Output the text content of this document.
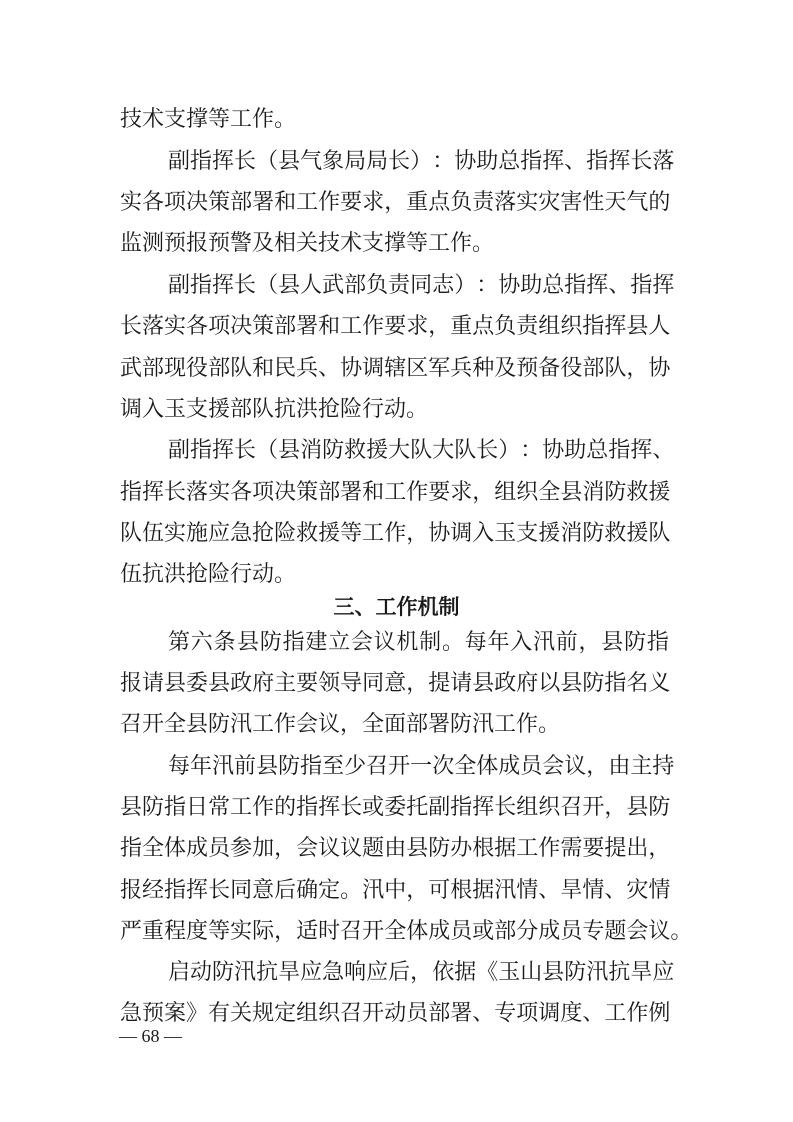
技术支撑等工作。
副 指 挥 长 （ 县 气 象 局 局 长 ） ： 协 助 总 指 挥 、 指 挥 长 落
实 各 项 决 策 部 署 和 工 作 要 求 ， 重 点 负 责 落 实 灾 害 性 天 气 的
监测预报预警及相关技术支撑等工作。
副 指 挥 长 （ 县 人 武 部 负 责 同 志 ） ： 协 助 总 指 挥 、 指 挥
长 落 实 各 项 决 策 部 署 和 工 作 要 求 ， 重 点 负 责 组 织 指 挥 县 人
武 部 现 役 部 队 和 民 兵 、 协 调 辖 区 军 兵 种 及 预 备 役 部 队 ， 协
调入玉支援部队抗洪抢险行动。
副 指 挥 长 （ 县 消 防 救 援 大 队 大 队 长 ） ： 协 助 总 指 挥 、
指 挥 长 落 实 各 项 决 策 部 署 和 工 作 要 求 ， 组 织 全 县 消 防 救 援
队 伍 实 施 应 急 抢 险 救 援 等 工 作 ， 协 调 入 玉 支 援 消 防 救 援 队
伍抗洪抢险行动。
三、工作机制
第 六 条 县 防 指 建 立 会 议 机 制 。 每 年 入 汛 前 ， 县 防 指
报 请 县 委 县 政 府 主 要 领 导 同 意 ， 提 请 县 政 府 以 县 防 指 名 义
召开全县防汛工作会议，全面部署防汛工作。
每 年 汛 前 县 防 指 至 少 召 开 一 次 全 体 成 员 会 议 ， 由 主 持
县 防 指 日 常 工 作 的 指 挥 长 或 委 托 副 指 挥 长 组 织 召 开 ， 县 防
指 全 体 成 员 参 加 ， 会 议 议 题 由 县 防 办 根 据 工 作 需 要 提 出 ，
报 经 指 挥 长 同 意 后 确 定 。 汛 中 ， 可 根 据 汛 情 、 旱 情 、 灾 情
严 重 程 度 等 实 际 ， 适 时 召 开 全 体 成 员 或 部 分 成 员 专 题 会 议 。
启 动 防 汛 抗 旱 应 急 响 应 后 ， 依 据 《 玉 山 县 防 汛 抗 旱 应
急 预 案 》 有 关 规 定 组 织 召 开 动 员 部 署 、 专 项 调 度 、 工 作 例
— 68 —
